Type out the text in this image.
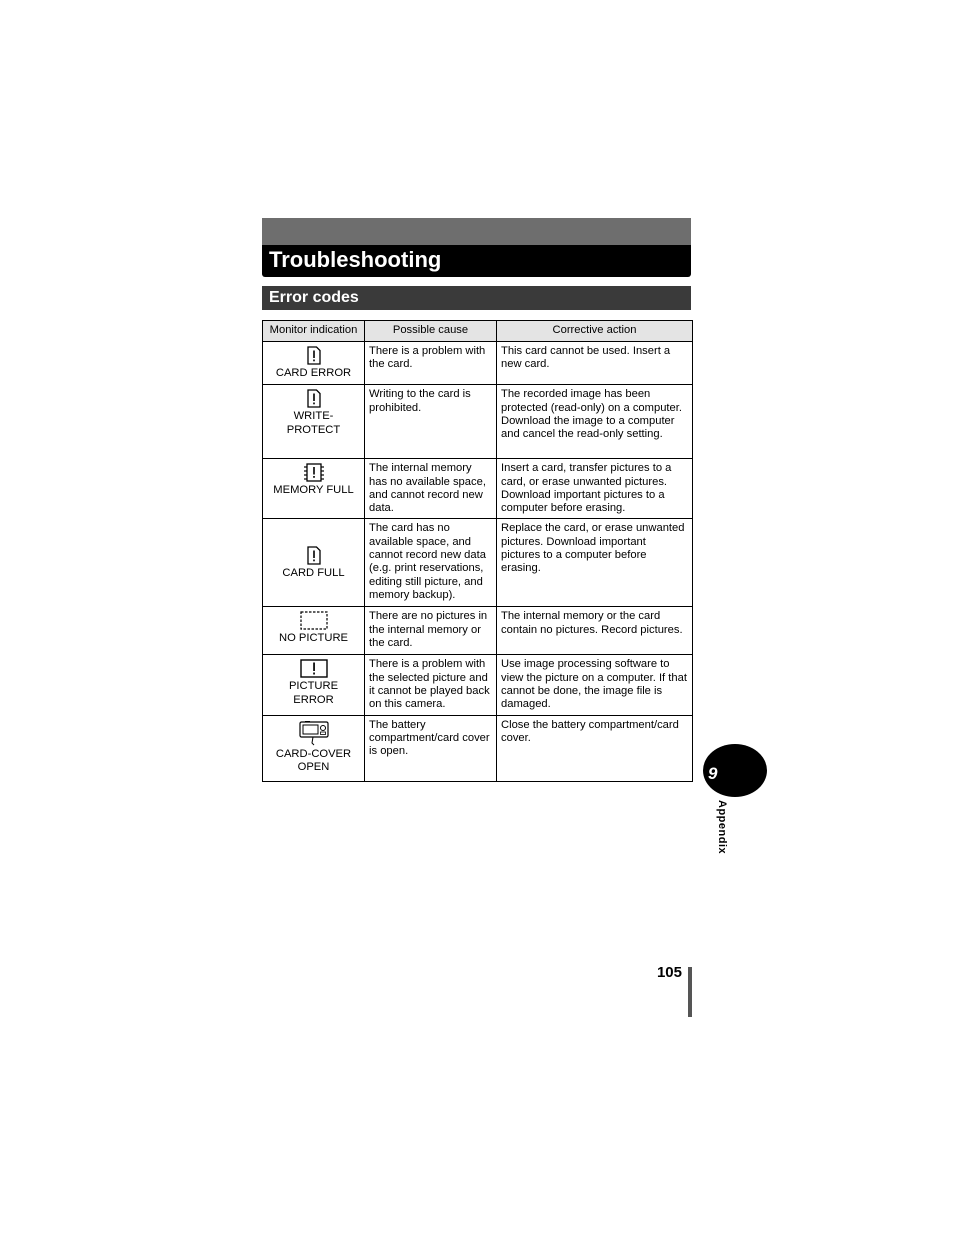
Troubleshooting
Error codes
Monitor indication	Possible cause	Corrective action

CARD ERROR	There is a problem with the card.	This card cannot be used. Insert a new card.

WRITE-PROTECT	Writing to the card is prohibited.	The recorded image has been protected (read-only) on a computer. Download the image to a computer and cancel the read-only setting.

MEMORY FULL	The internal memory has no available space, and cannot record new data.	Insert a card, transfer pictures to a card, or erase unwanted pictures. Download important pictures to a computer before erasing.

CARD FULL	The card has no available space, and cannot record new data (e.g. print reservations, editing still picture, and memory backup).	Replace the card, or erase unwanted pictures. Download important pictures to a computer before erasing.

NO PICTURE	There are no pictures in the internal memory or the card.	The internal memory or the card contain no pictures. Record pictures.

PICTURE ERROR	There is a problem with the selected picture and it cannot be played back on this camera.	Use image processing software to view the picture on a computer. If that cannot be done, the image file is damaged.

CARD-COVER OPEN	The battery compartment/card cover is open.	Close the battery compartment/card cover.
9
Appendix
105
